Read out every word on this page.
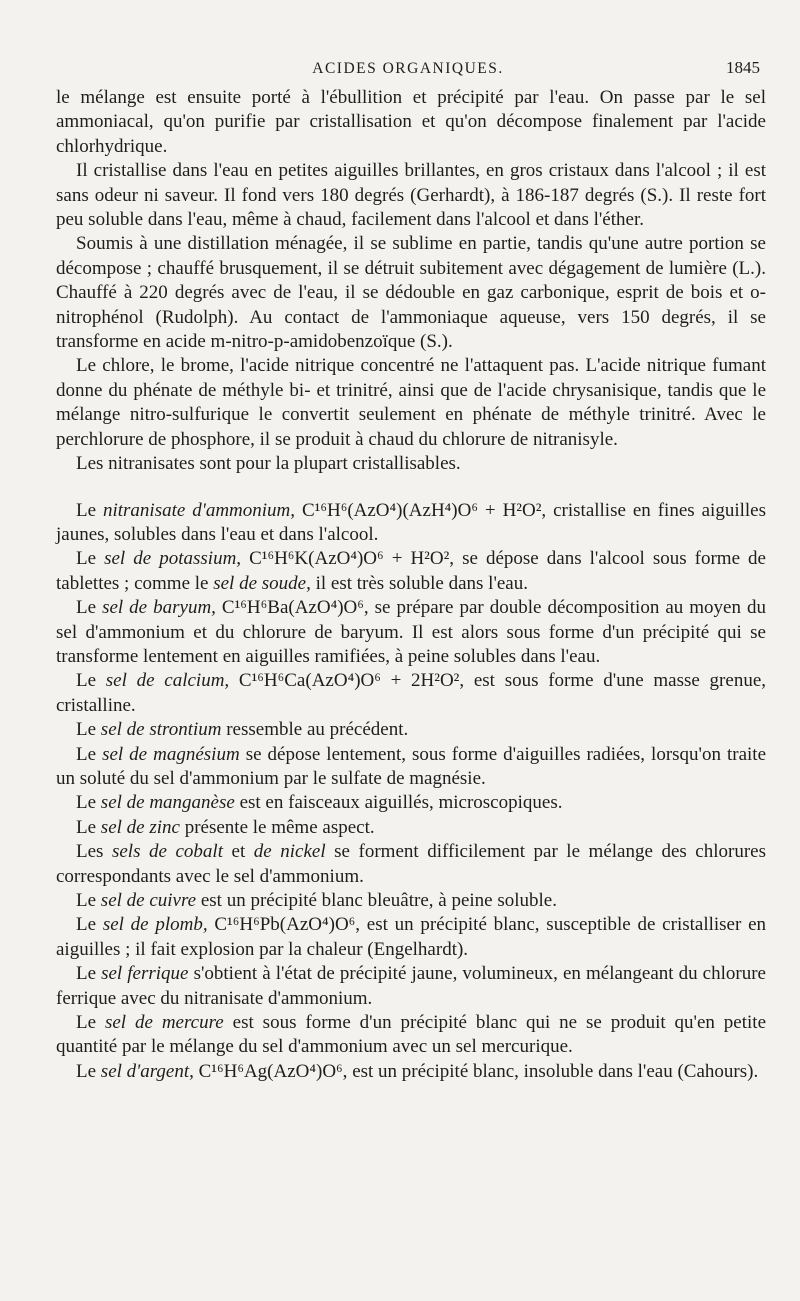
ACIDES ORGANIQUES.	1845

le mélange est ensuite porté à l'ébullition et précipité par l'eau. On passe par le sel ammoniacal, qu'on purifie par cristallisation et qu'on décompose finalement par l'acide chlorhydrique.

Il cristallise dans l'eau en petites aiguilles brillantes, en gros cristaux dans l'alcool ; il est sans odeur ni saveur. Il fond vers 180 degrés (Gerhardt), à 186-187 degrés (S.). Il reste fort peu soluble dans l'eau, même à chaud, facilement dans l'alcool et dans l'éther.

Soumis à une distillation ménagée, il se sublime en partie, tandis qu'une autre portion se décompose ; chauffé brusquement, il se détruit subitement avec dégagement de lumière (L.). Chauffé à 220 degrés avec de l'eau, il se dédouble en gaz carbonique, esprit de bois et o-nitrophénol (Rudolph). Au contact de l'ammoniaque aqueuse, vers 150 degrés, il se transforme en acide m-nitro-p-amidobenzoïque (S.).

Le chlore, le brome, l'acide nitrique concentré ne l'attaquent pas. L'acide nitrique fumant donne du phénate de méthyle bi- et trinitré, ainsi que de l'acide chrysanisique, tandis que le mélange nitro-sulfurique le convertit seulement en phénate de méthyle trinitré. Avec le perchlorure de phosphore, il se produit à chaud du chlorure de nitranisyle.

Les nitranisates sont pour la plupart cristallisables.

Le nitranisate d'ammonium, C¹⁶H⁶(AzO⁴)(AzH⁴)O⁶ + H²O², cristallise en fines aiguilles jaunes, solubles dans l'eau et dans l'alcool.

Le sel de potassium, C¹⁶H⁶K(AzO⁴)O⁶ + H²O², se dépose dans l'alcool sous forme de tablettes ; comme le sel de soude, il est très soluble dans l'eau.

Le sel de baryum, C¹⁶H⁶Ba(AzO⁴)O⁶, se prépare par double décomposition au moyen du sel d'ammonium et du chlorure de baryum. Il est alors sous forme d'un précipité qui se transforme lentement en aiguilles ramifiées, à peine solubles dans l'eau.

Le sel de calcium, C¹⁶H⁶Ca(AzO⁴)O⁶ + 2H²O², est sous forme d'une masse grenue, cristalline.

Le sel de strontium ressemble au précédent.

Le sel de magnésium se dépose lentement, sous forme d'aiguilles radiées, lorsqu'on traite un soluté du sel d'ammonium par le sulfate de magnésie.

Le sel de manganèse est en faisceaux aiguillés, microscopiques.

Le sel de zinc présente le même aspect.

Les sels de cobalt et de nickel se forment difficilement par le mélange des chlorures correspondants avec le sel d'ammonium.

Le sel de cuivre est un précipité blanc bleuâtre, à peine soluble.

Le sel de plomb, C¹⁶H⁶Pb(AzO⁴)O⁶, est un précipité blanc, susceptible de cristalliser en aiguilles ; il fait explosion par la chaleur (Engelhardt).

Le sel ferrique s'obtient à l'état de précipité jaune, volumineux, en mélangeant du chlorure ferrique avec du nitranisate d'ammonium.

Le sel de mercure est sous forme d'un précipité blanc qui ne se produit qu'en petite quantité par le mélange du sel d'ammonium avec un sel mercurique.

Le sel d'argent, C¹⁶H⁶Ag(AzO⁴)O⁶, est un précipité blanc, insoluble dans l'eau (Cahours).
